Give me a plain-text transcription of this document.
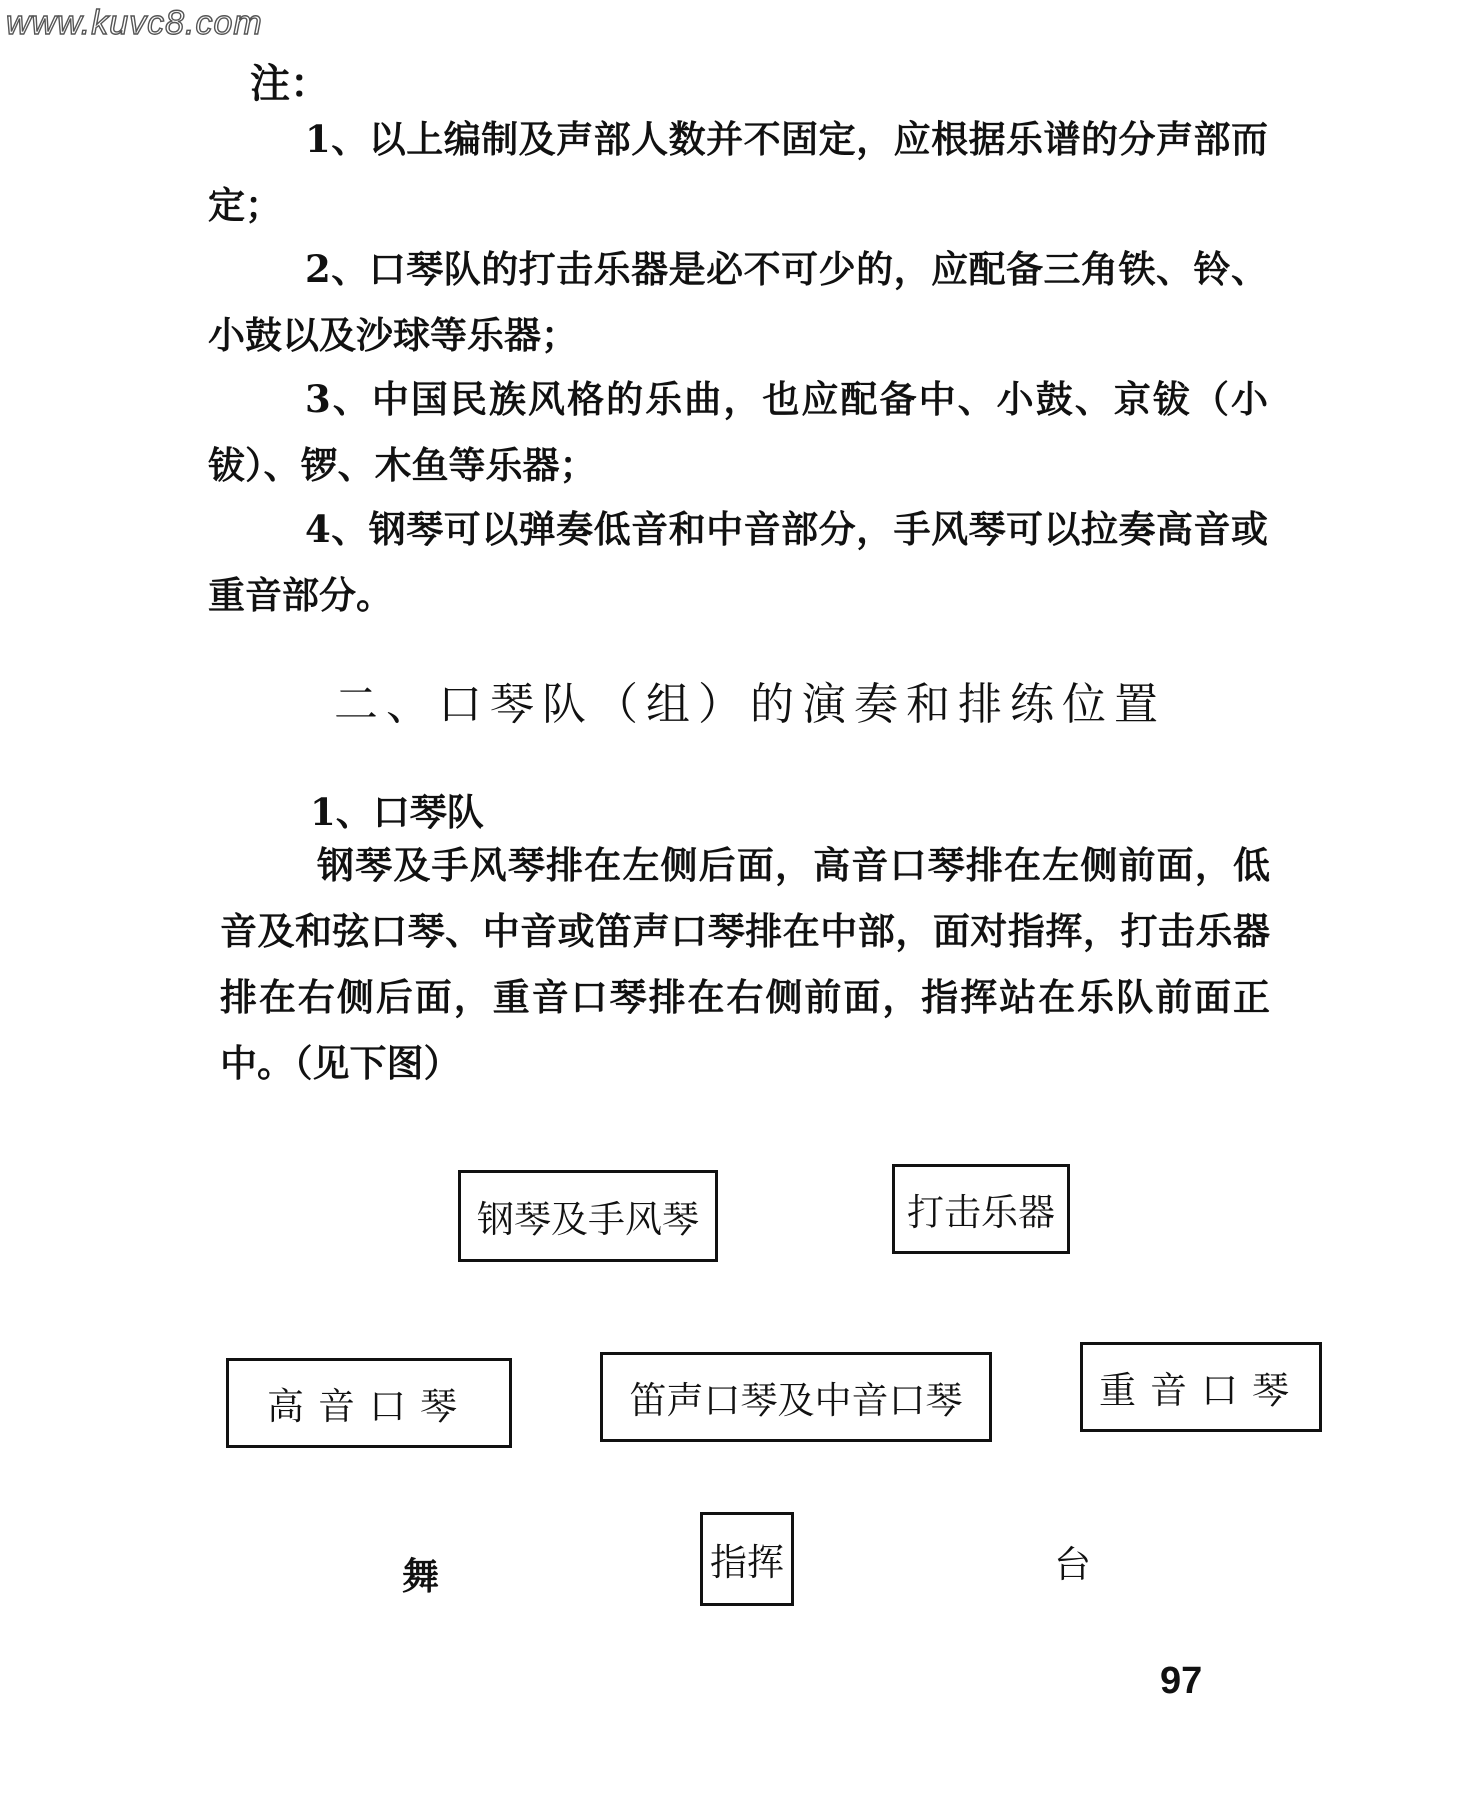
www.kuvc8.com
注：
1、以上编制及声部人数并不固定，应根据乐谱的分声部而定；
2、口琴队的打击乐器是必不可少的，应配备三角铁、铃、小鼓以及沙球等乐器；
3、中国民族风格的乐曲，也应配备中、小鼓、京钹（小钹）、锣、木鱼等乐器；
4、钢琴可以弹奏低音和中音部分，手风琴可以拉奏高音或重音部分。
二、口琴队（组）的演奏和排练位置
1、口琴队
钢琴及手风琴排在左侧后面，高音口琴排在左侧前面，低音及和弦口琴、中音或笛声口琴排在中部，面对指挥，打击乐器排在右侧后面，重音口琴排在右侧前面，指挥站在乐队前面正中。（见下图）
钢琴及手风琴	打击乐器
高音口琴	笛声口琴及中音口琴	重音口琴
指挥
舞	台
97
